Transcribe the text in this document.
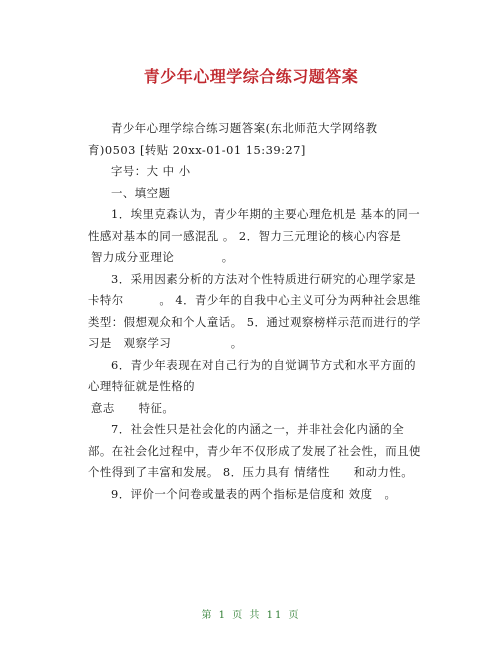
青少年心理学综合练习题答案

青少年心理学综合练习题答案(东北师范大学网络教育)0503 [转贴 20xx-01-01 15:39:27]

字号：大 中 小

一、填空题

1．埃里克森认为，青少年期的主要心理危机是 基本的同一性感对基本的同一感混乱 。 2．智力三元理论的核心内容是

智力成分亚理论　　　　。

3．采用因素分析的方法对个性特质进行研究的心理学家是卡特尔　　　。 4．青少年的自我中心主义可分为两种社会思维类型：假想观众和个人童话。 5．通过观察榜样示范而进行的学习是　观察学习　　　　　。

6．青少年表现在对自己行为的自觉调节方式和水平方面的心理特征就是性格的

意志　　特征。

7．社会性只是社会化的内涵之一，并非社会化内涵的全部。在社会化过程中，青少年不仅形成了发展了社会性，而且使 个性得到了丰富和发展。 8．压力具有 情绪性　　和动力性。

9．评价一个问卷或量表的两个指标是信度和 效度　。

第 1 页 共 11 页
